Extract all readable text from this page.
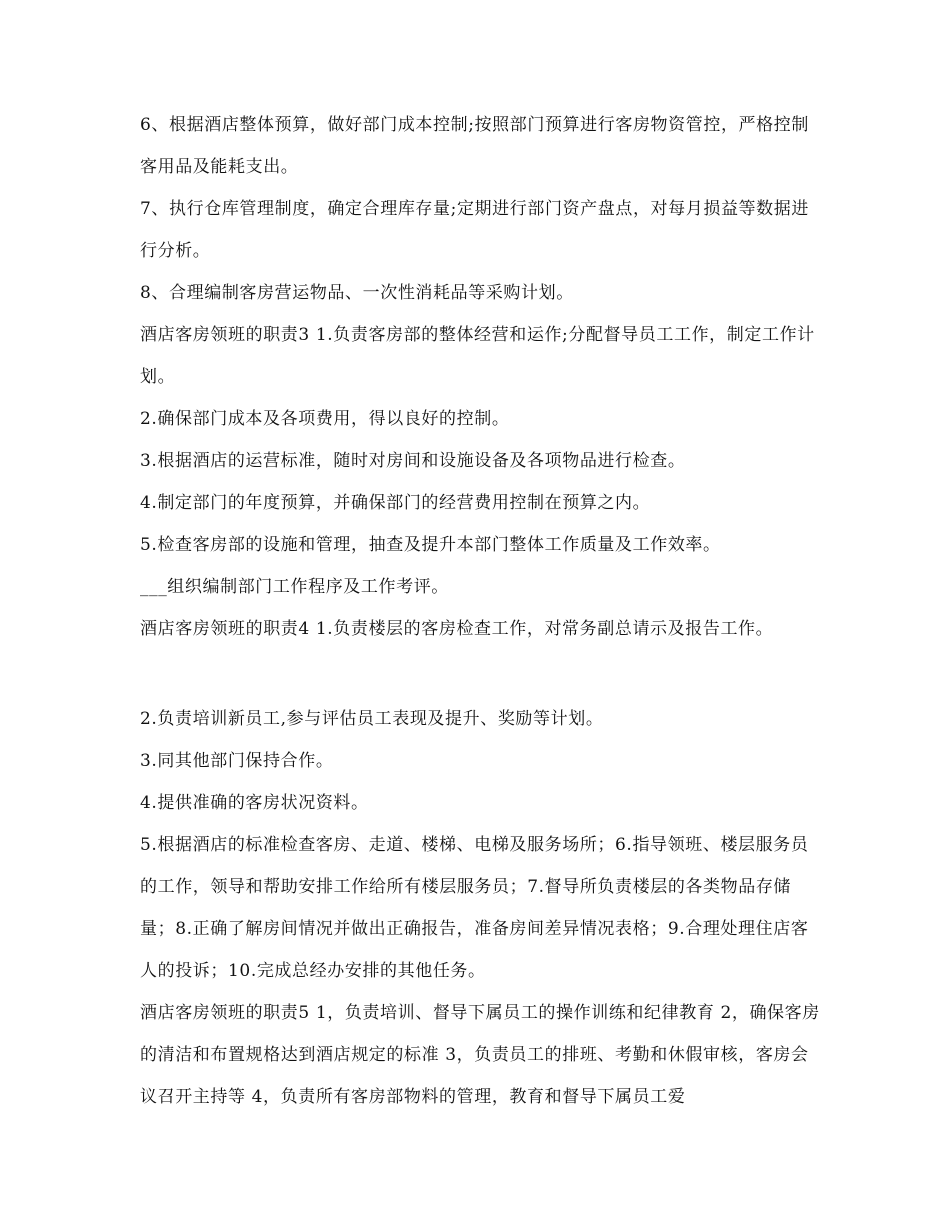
6、根据酒店整体预算，做好部门成本控制;按照部门预算进行客房物资管控，严格控制客用品及能耗支出。

7、执行仓库管理制度，确定合理库存量;定期进行部门资产盘点，对每月损益等数据进行分析。

8、合理编制客房营运物品、一次性消耗品等采购计划。

酒店客房领班的职责3 1.负责客房部的整体经营和运作;分配督导员工工作，制定工作计划。

2.确保部门成本及各项费用，得以良好的控制。

3.根据酒店的运营标准，随时对房间和设施设备及各项物品进行检查。

4.制定部门的年度预算，并确保部门的经营费用控制在预算之内。

5.检查客房部的设施和管理，抽查及提升本部门整体工作质量及工作效率。

___组织编制部门工作程序及工作考评。

酒店客房领班的职责4 1.负责楼层的客房检查工作，对常务副总请示及报告工作。

2.负责培训新员工,参与评估员工表现及提升、奖励等计划。

3.同其他部门保持合作。

4.提供准确的客房状况资料。

5.根据酒店的标准检查客房、走道、楼梯、电梯及服务场所；6.指导领班、楼层服务员的工作，领导和帮助安排工作给所有楼层服务员；7.督导所负责楼层的各类物品存储量；8.正确了解房间情况并做出正确报告，准备房间差异情况表格；9.合理处理住店客人的投诉；10.完成总经办安排的其他任务。

酒店客房领班的职责5 1，负责培训、督导下属员工的操作训练和纪律教育 2，确保客房的清洁和布置规格达到酒店规定的标准 3，负责员工的排班、考勤和休假审核，客房会议召开主持等 4，负责所有客房部物料的管理，教育和督导下属员工爱
